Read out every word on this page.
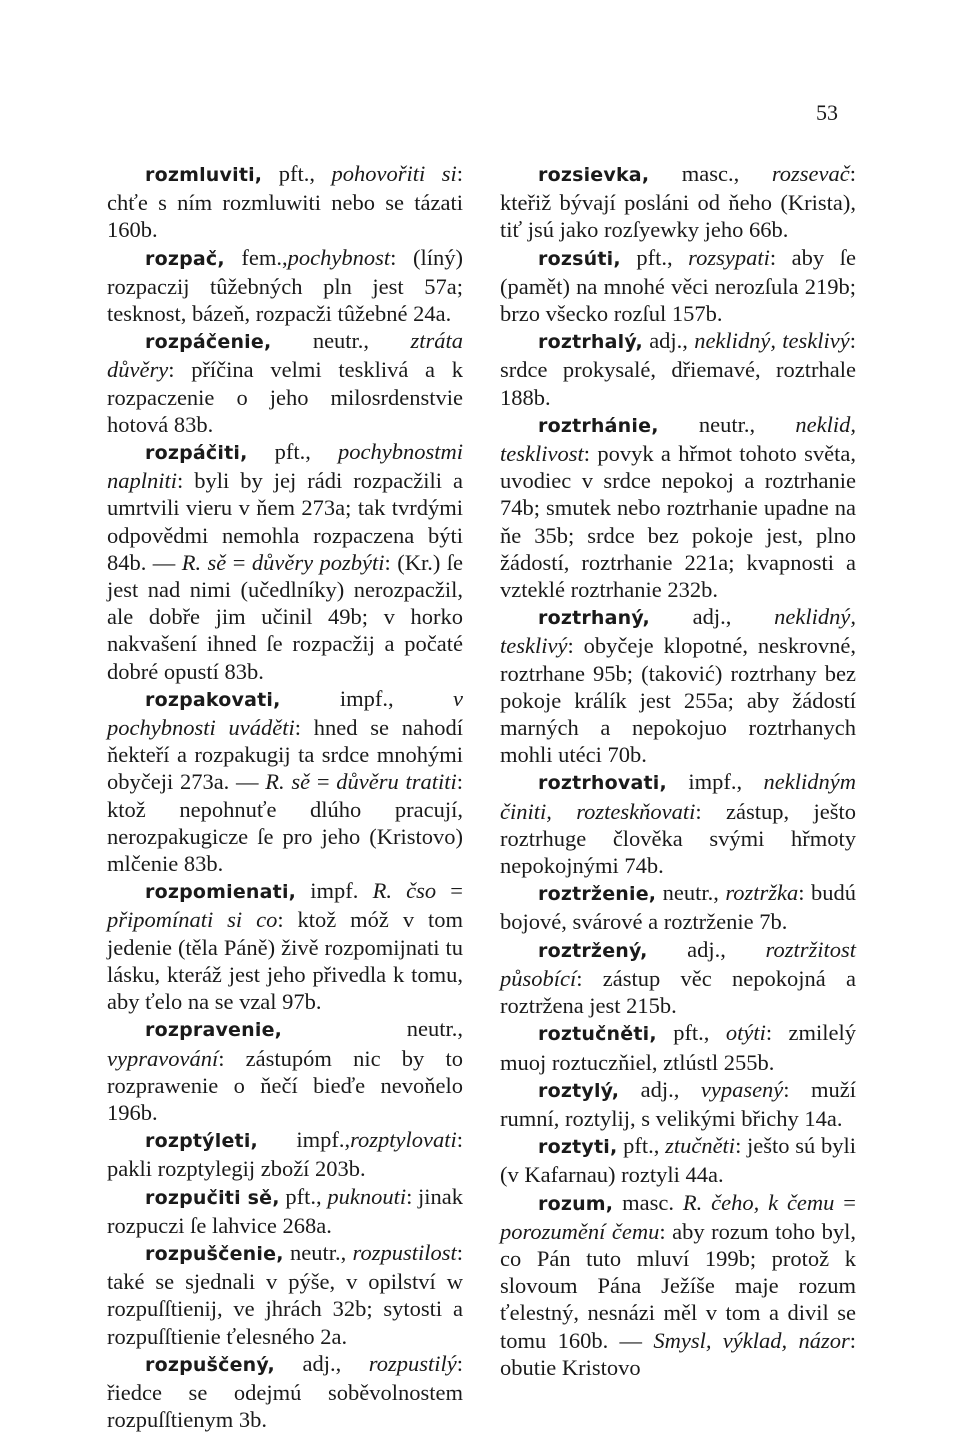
53

rozmluviti, pft., pohovořiti si: chťe s ním rozmluwiti nebo se tázati 160b.

rozpač, fem.,pochybnost: (líný) rozpaczij tûžebných pln jest 57a; tesknost, bázeň, rozpacži tûžebné 24a.

rozpáčenie, neutr., ztráta důvěry: příčina velmi tesklivá a k rozpaczenie o jeho milosrdenstvie hotová 83b.

rozpáčiti, pft., pochybnostmi naplniti: byli by jej rádi rozpacžili a umrtvili vieru v ňem 273a; tak tvrdými odpovědmi nemohla rozpaczena býti 84b. — R. sě = důvěry pozbýti: (Kr.) ſe jest nad nimi (učedlníky) nerozpacžil, ale dobře jim učinil 49b; v horko nakvašení ihned ſe rozpacžij a počaté dobré opustí 83b.

rozpakovati, impf., v pochybnosti uváděti: hned se nahodí ňekteří a rozpakugij ta srdce mnohými obyčeji 273a. — R. sě = důvěru tratiti: ktož nepohnuťe dlúho pracují, nerozpakugicze ſe pro jeho (Kristovo) mlčenie 83b.

rozpomienati, impf. R. čso = připomínati si co: ktož móž v tom jedenie (těla Páně) živě rozpomijnati tu lásku, kteráž jest jeho přivedla k tomu, aby ťelo na se vzal 97b.

rozpravenie, neutr., vypravování: zástupóm nic by to rozprawenie o ňečí bieďe nevoňelo 196b.

rozptýleti, impf.,rozptylovati: pakli rozptylegij zboží 203b.

rozpučiti sě, pft., puknouti: jinak rozpuczi ſe lahvice 268a.

rozpuščenie, neutr., rozpustilost: také se sjednali v pýše, v opilství w rozpuſſtienij, ve jhrách 32b; sytosti a rozpuſſtienie ťelesného 2a.

rozpuščený, adj., rozpustilý: řiedce se odejmú soběvolnostem rozpuſſtienym 3b.

rozsievka, masc., rozsevač: kteřiž bývají posláni od ňeho (Krista), tiť jsú jako rozſyewky jeho 66b.

rozsúti, pft., rozsypati: aby ſe (pamět) na mnohé věci nerozſula 219b; brzo všecko rozſul 157b.

roztrhalý, adj., neklidný, tesklivý: srdce prokysalé, dřiemavé, roztrhale 188b.

roztrhánie, neutr., neklid, tesklivost: povyk a hřmot tohoto světa, uvodiec v srdce nepokoj a roztrhanie 74b; smutek nebo roztrhanie upadne na ňe 35b; srdce bez pokoje jest, plno žádostí, roztrhanie 221a; kvapnosti a vzteklé roztrhanie 232b.

roztrhaný, adj., neklidný, tesklivý: obyčeje klopotné, neskrovné, roztrhane 95b; (taković) roztrhany bez pokoje králík jest 255a; aby žádostí marných a nepokojuo roztrhanych mohli utéci 70b.

roztrhovati, impf., neklidným činiti, rozteskňovati: zástup, ješto roztrhuge člověka svými hřmoty nepokojnými 74b.

roztrženie, neutr., roztržka: budú bojové, svárové a roztrženie 7b.

roztržený, adj., roztržitost působící: zástup věc nepokojná a roztržena jest 215b.

roztučněti, pft., otýti: zmilelý muoj roztuczňiel, ztlústl 255b.

roztylý, adj., vypasený: muží rumní, roztylij, s velikými břichy 14a.

roztyti, pft., ztučněti: ješto sú byli (v Kafarnau) roztyli 44a.

rozum, masc. R. čeho, k čemu = porozumění čemu: aby rozum toho byl, co Pán tuto mluví 199b; protož k slovoum Pána Ježíše maje rozum ťelestný, nesnázi měl v tom a divil se tomu 160b. — Smysl, výklad, názor: obutie Kristovo
